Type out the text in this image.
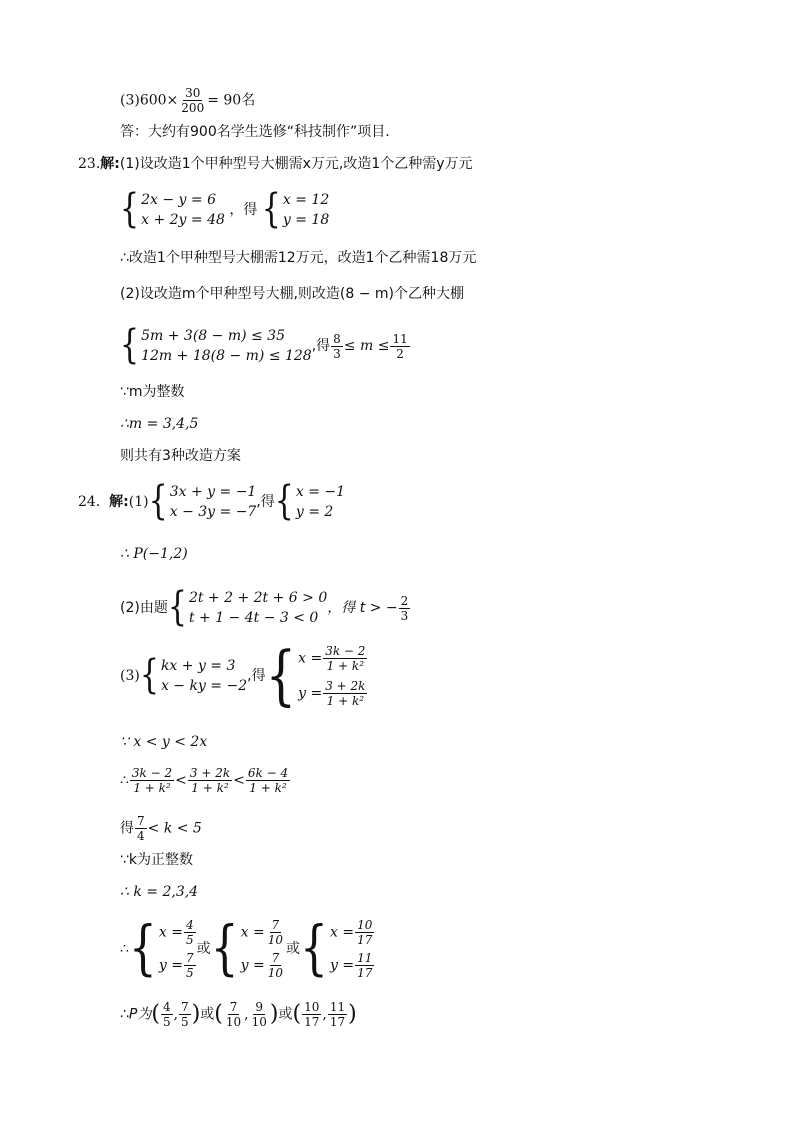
$(3)600\times \frac{30}{200} = 90$名
答：大约有900名学生选修“科技制作”项目.
23.解:(1)设改造1个甲种型号大棚需x万元,改造1个乙种需y万元
{ 2x − y = 6
x + 2y = 48
，得 { x = 12
y = 18
∴改造1个甲种型号大棚需12万元，改造1个乙种需18万元
(2)设改造m个甲种型号大棚,则改造(8 − m)个乙种大棚
{ 5m + 3(8 − m) ≤ 35
12m + 18(8 − m) ≤ 128
,得 $\frac{8}{3} \le m \le \frac{11}{2}$
∵m为整数
∴m = 3,4,5
则共有3种改造方案
24. 解:(1) { 3x + y = −1
x − 3y = −7
,得 { x = −1
y = 2
∴ P(−1,2)
(2)由题 { 2t + 2 + 2t + 6 > 0
t + 1 − 4t − 3 < 0
，得 t > − $\frac{2}{3}$
(3) { kx + y = 3
x − ky = −2
,得 { $x = \frac{3k - 2}{\text{1 + k²}}$
$y = \frac{3 + 2k}{\text{1 + k²}}$
∵ x < y < 2x
∴ $\frac{3k - 2}{\text{1 + k²}} < \frac{3 + 2k}{\text{1 + k²}} < \frac{6k - 4}{\text{1 + k²}}$
得 $\frac{7}{4} < k < 5$
∵k为正整数
∴ k = 2,3,4
∴ { $x = \frac{4}{5}$
$y = \frac{7}{5}$
或 { $x = \frac{7}{10}$
$y = \frac{7}{10}$
或 { $x = \frac{10}{17}$
$y = \frac{11}{17}$
∴P为( $\frac{4}{5}$ , $\frac{7}{5}$ )或( $\frac{7}{10}$ , $\frac{9}{10}$ )或( $\frac{10}{17}$ , $\frac{11}{17}$ )
